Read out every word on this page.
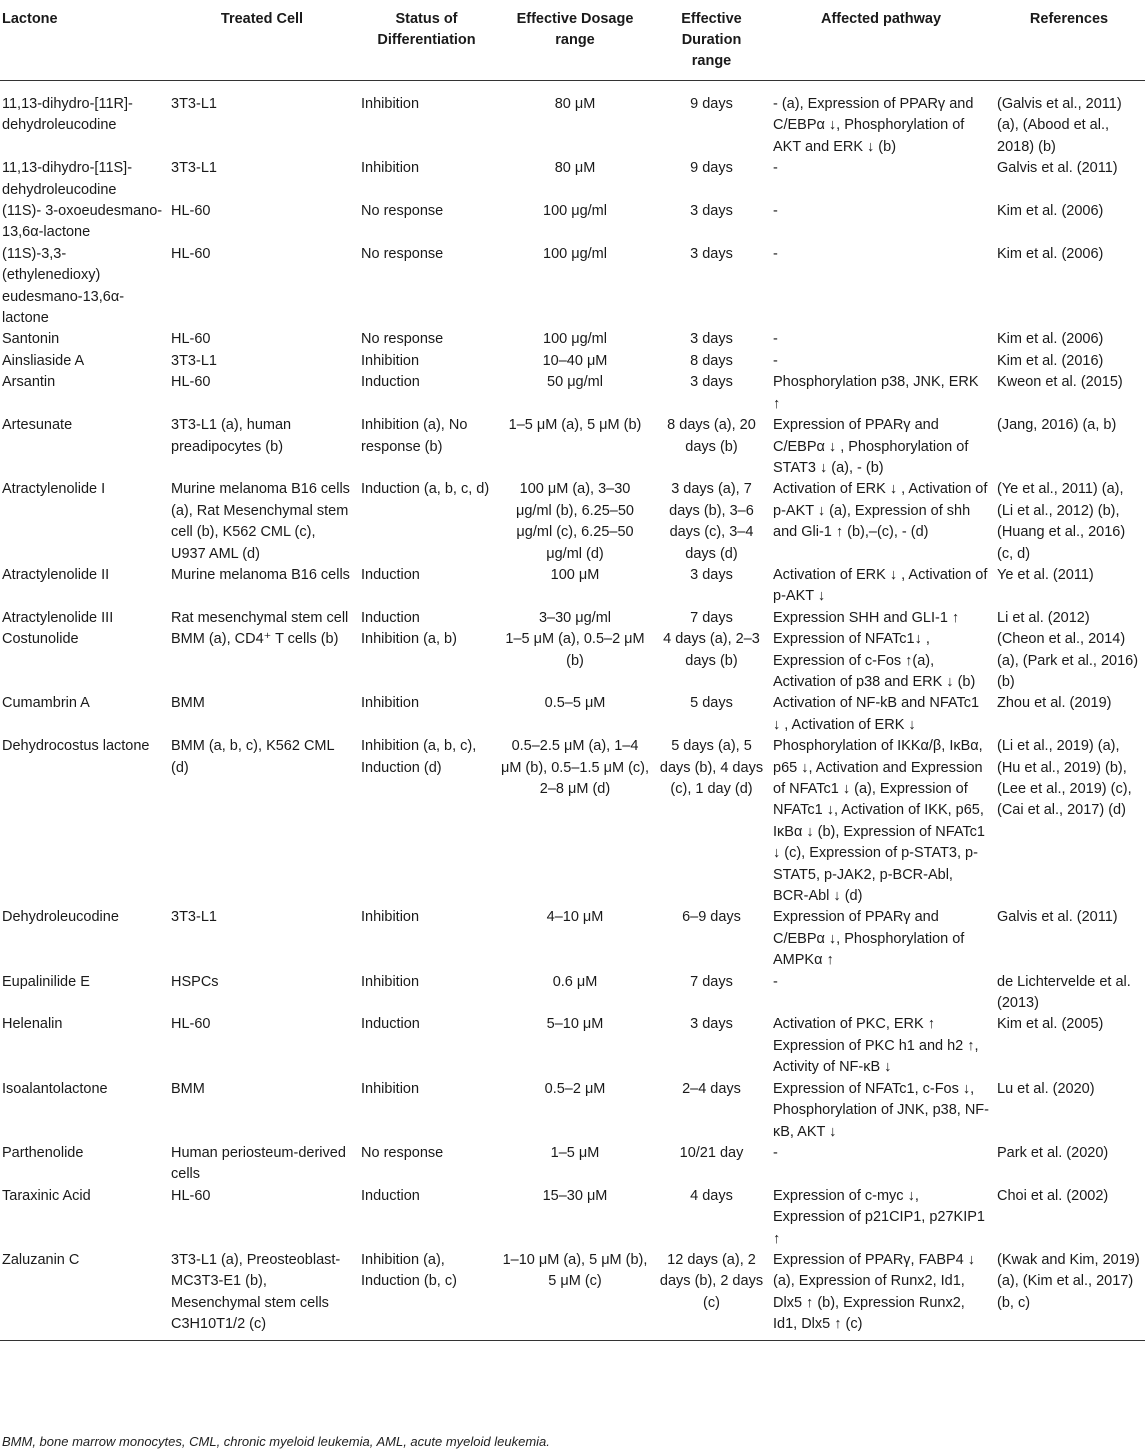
Lactone	Treated Cell	Status of Differentiation	Effective Dosage range	Effective Duration range	Affected pathway	References
11,13-dihydro-[11R]-dehydroleucodine	3T3-L1	Inhibition	80 μM	9 days	- (a), Expression of PPARγ and C/EBPα ↓, Phosphorylation of AKT and ERK ↓ (b)	(Galvis et al., 2011) (a), (Abood et al., 2018) (b)
11,13-dihydro-[11S]-dehydroleucodine	3T3-L1	Inhibition	80 μM	9 days	-	Galvis et al. (2011)
(11S)- 3-oxoeudesmano-13,6α-lactone	HL-60	No response	100 μg/ml	3 days	-	Kim et al. (2006)
(11S)-3,3-(ethylenedioxy) eudesmano-13,6α-lactone	HL-60	No response	100 μg/ml	3 days	-	Kim et al. (2006)
Santonin	HL-60	No response	100 μg/ml	3 days	-	Kim et al. (2006)
Ainsliaside A	3T3-L1	Inhibition	10–40 μM	8 days	-	Kim et al. (2016)
Arsantin	HL-60	Induction	50 μg/ml	3 days	Phosphorylation p38, JNK, ERK ↑	Kweon et al. (2015)
Artesunate	3T3-L1 (a), human preadipocytes (b)	Inhibition (a), No response (b)	1–5 μM (a), 5 μM (b)	8 days (a), 20 days (b)	Expression of PPARγ and C/EBPα ↓ , Phosphorylation of STAT3 ↓ (a), - (b)	(Jang, 2016) (a, b)
Atractylenolide I	Murine melanoma B16 cells (a), Rat Mesenchymal stem cell (b), K562 CML (c), U937 AML (d)	Induction (a, b, c, d)	100 μM (a), 3–30 μg/ml (b), 6.25–50 μg/ml (c), 6.25–50 μg/ml (d)	3 days (a), 7 days (b), 3–6 days (c), 3–4 days (d)	Activation of ERK ↓ , Activation of p-AKT ↓ (a), Expression of shh and Gli-1 ↑ (b),–(c), - (d)	(Ye et al., 2011) (a), (Li et al., 2012) (b), (Huang et al., 2016) (c, d)
Atractylenolide II	Murine melanoma B16 cells	Induction	100 μM	3 days	Activation of ERK ↓ , Activation of p-AKT ↓	Ye et al. (2011)
Atractylenolide III	Rat mesenchymal stem cell	Induction	3–30 μg/ml	7 days	Expression SHH and GLI-1 ↑	Li et al. (2012)
Costunolide	BMM (a), CD4⁺ T cells (b)	Inhibition (a, b)	1–5 μM (a), 0.5–2 μM (b)	4 days (a), 2–3 days (b)	Expression of NFATc1↓ , Expression of c-Fos ↑(a), Activation of p38 and ERK ↓ (b)	(Cheon et al., 2014) (a), (Park et al., 2016)(b)
Cumambrin A	BMM	Inhibition	0.5–5 μM	5 days	Activation of NF-kB and NFATc1 ↓ , Activation of ERK ↓	Zhou et al. (2019)
Dehydrocostus lactone	BMM (a, b, c), K562 CML (d)	Inhibition (a, b, c), Induction (d)	0.5–2.5 μM (a), 1–4 μM (b), 0.5–1.5 μM (c), 2–8 μM (d)	5 days (a), 5 days (b), 4 days (c), 1 day (d)	Phosphorylation of IKKα/β, IκBα, p65 ↓, Activation and Expression of NFATc1 ↓ (a), Expression of NFATc1 ↓, Activation of IKK, p65, IκBα ↓ (b), Expression of NFATc1 ↓ (c), Expression of p-STAT3, p-STAT5, p-JAK2, p-BCR-Abl, BCR-Abl ↓ (d)	(Li et al., 2019) (a), (Hu et al., 2019) (b), (Lee et al., 2019) (c), (Cai et al., 2017) (d)
Dehydroleucodine	3T3-L1	Inhibition	4–10 μM	6–9 days	Expression of PPARγ and C/EBPα ↓, Phosphorylation of AMPKα ↑	Galvis et al. (2011)
Eupalinilide E	HSPCs	Inhibition	0.6 μM	7 days	-	de Lichtervelde et al. (2013)
Helenalin	HL-60	Induction	5–10 μM	3 days	Activation of PKC, ERK ↑ Expression of PKC h1 and h2 ↑, Activity of NF-κB ↓	Kim et al. (2005)
Isoalantolactone	BMM	Inhibition	0.5–2 μM	2–4 days	Expression of NFATc1, c-Fos ↓, Phosphorylation of JNK, p38, NF-κB, AKT ↓	Lu et al. (2020)
Parthenolide	Human periosteum-derived cells	No response	1–5 μM	10/21 day	-	Park et al. (2020)
Taraxinic Acid	HL-60	Induction	15–30 μM	4 days	Expression of c-myc ↓, Expression of p21CIP1, p27KIP1 ↑	Choi et al. (2002)
Zaluzanin C	3T3-L1 (a), Preosteoblast-MC3T3-E1 (b), Mesenchymal stem cells C3H10T1/2 (c)	Inhibition (a), Induction (b, c)	1–10 μM (a), 5 μM (b), 5 μM (c)	12 days (a), 2 days (b), 2 days (c)	Expression of PPARγ, FABP4 ↓ (a), Expression of Runx2, Id1, Dlx5 ↑ (b), Expression Runx2, Id1, Dlx5 ↑ (c)	(Kwak and Kim, 2019) (a), (Kim et al., 2017) (b, c)
BMM, bone marrow monocytes, CML, chronic myeloid leukemia, AML, acute myeloid leukemia.
